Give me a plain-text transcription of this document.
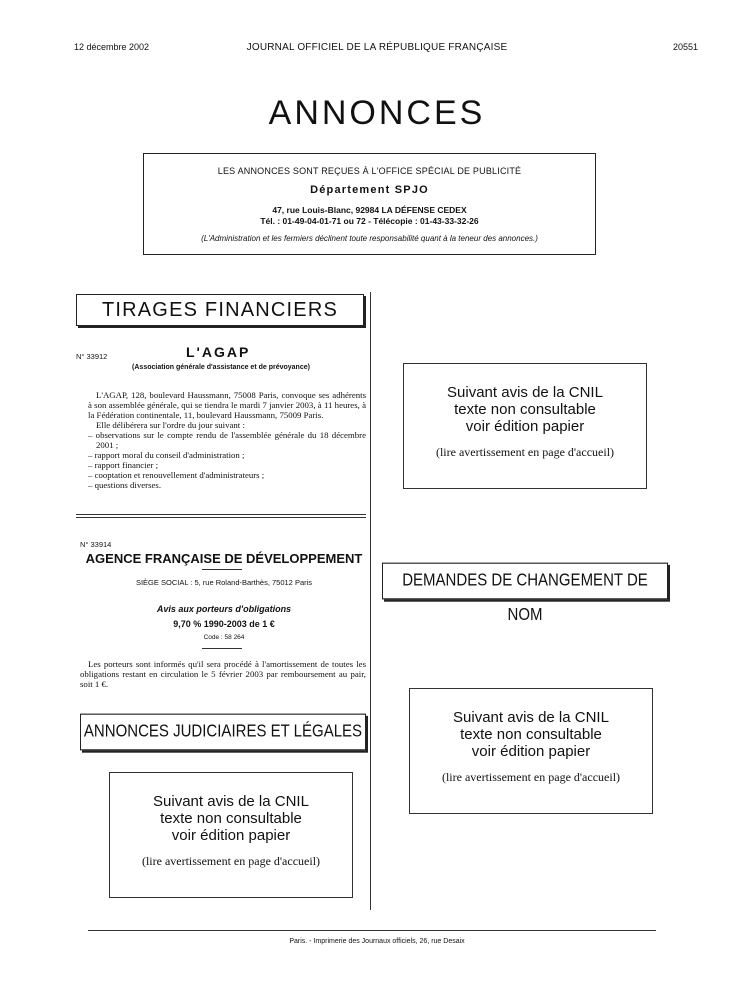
12 décembre 2002	JOURNAL OFFICIEL DE LA RÉPUBLIQUE FRANÇAISE	20551
ANNONCES
LES ANNONCES SONT REÇUES À L'OFFICE SPÉCIAL DE PUBLICITÉ
Département SPJO
47, rue Louis-Blanc, 92984 LA DÉFENSE CEDEX
Tél. : 01-49-04-01-71 ou 72 - Télécopie : 01-43-33-32-26
(L'Administration et les fermiers déclinent toute responsabilité quant à la teneur des annonces.)
TIRAGES FINANCIERS
N° 33912	L'AGAP
(Association générale d'assistance et de prévoyance)
L'AGAP, 128, boulevard Haussmann, 75008 Paris, convoque ses adhérents à son assemblée générale, qui se tiendra le mardi 7 janvier 2003, à 11 heures, à la Fédération continentale, 11, boulevard Haussmann, 75009 Paris.
Elle délibérera sur l'ordre du jour suivant :
– observations sur le compte rendu de l'assemblée générale du 18 décembre 2001 ;
– rapport moral du conseil d'administration ;
– rapport financier ;
– cooptation et renouvellement d'administrateurs ;
– questions diverses.
N° 33914
AGENCE FRANÇAISE DE DÉVELOPPEMENT
SIÈGE SOCIAL : 5, rue Roland-Barthès, 75012 Paris
Avis aux porteurs d'obligations
9,70 % 1990-2003 de 1 €
Code : 58 264
Les porteurs sont informés qu'il sera procédé à l'amortissement de toutes les obligations restant en circulation le 5 février 2003 par remboursement au pair, soit 1 €.
ANNONCES JUDICIAIRES ET LÉGALES
Suivant avis de la CNIL
texte non consultable
voir édition papier
(lire avertissement en page d'accueil)
Suivant avis de la CNIL
texte non consultable
voir édition papier
(lire avertissement en page d'accueil)
DEMANDES DE CHANGEMENT DE NOM
Suivant avis de la CNIL
texte non consultable
voir édition papier
(lire avertissement en page d'accueil)
Paris. - Imprimerie des Journaux officiels, 26, rue Desaix
